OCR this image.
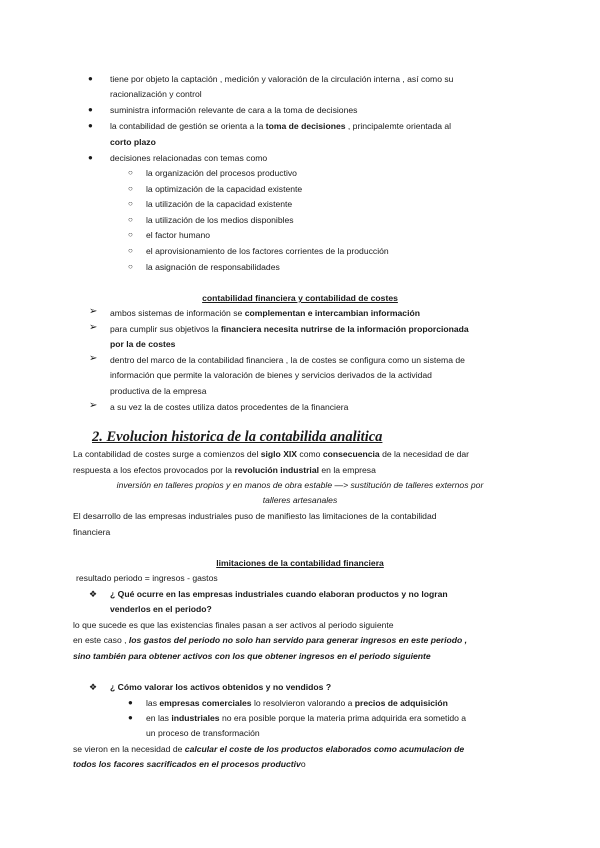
● tiene por objeto la captación , medición y valoración de la circulación interna , así como su
racionalización y control
● suministra información relevante de cara a la toma de decisiones
● la contabilidad de gestión se orienta a la toma de decisiones , principalemte orientada al
corto plazo
● decisiones relacionadas con temas como
○ la organización del procesos productivo
○ la optimización de la capacidad existente
○ la utilización de la capacidad existente
○ la utilización de los medios disponibles
○ el factor humano
○ el aprovisionamiento de los factores corrientes de la producción
○ la asignación de responsabilidades
contabilidad financiera y contabilidad de costes
➢ ambos sistemas de información se complementan e intercambian información
➢ para cumplir sus objetivos la financiera necesita nutrirse de la información proporcionada
por la de costes
➢ dentro del marco de la contabilidad financiera , la de costes se configura como un sistema de
información que permite la valoración de bienes y servicios derivados de la actividad
productiva de la empresa
➢ a su vez la de costes utiliza datos procedentes de la financiera
2. Evolucion historica de la contabilida analitica
La contabilidad de costes surge a comienzos del siglo XIX como consecuencia de la necesidad de dar
respuesta a los efectos provocados por la revolución industrial en la empresa
inversión en talleres propios y en manos de obra estable —> sustitución de talleres externos por
talleres artesanales
El desarrollo de las empresas industriales puso de manifiesto las limitaciones de la contabilidad
financiera
limitaciones de la contabilidad financiera
resultado periodo = ingresos - gastos
❖ ¿ Qué ocurre en las empresas industriales cuando elaboran productos y no logran
venderlos en el periodo?
lo que sucede es que las existencias finales pasan a ser activos al periodo siguiente
en este caso , los gastos del periodo no solo han servido para generar ingresos en este periodo ,
sino también para obtener activos con los que obtener ingresos en el periodo siguiente
❖ ¿ Cómo valorar los activos obtenidos y no vendidos ?
● las empresas comerciales lo resolvieron valorando a precios de adquisición
● en las industriales no era posible porque la materia prima adquirida era sometido a
un proceso de transformación
se vieron en la necesidad de calcular el coste de los productos elaborados como acumulacion de
todos los facores sacrificados en el procesos productivo
